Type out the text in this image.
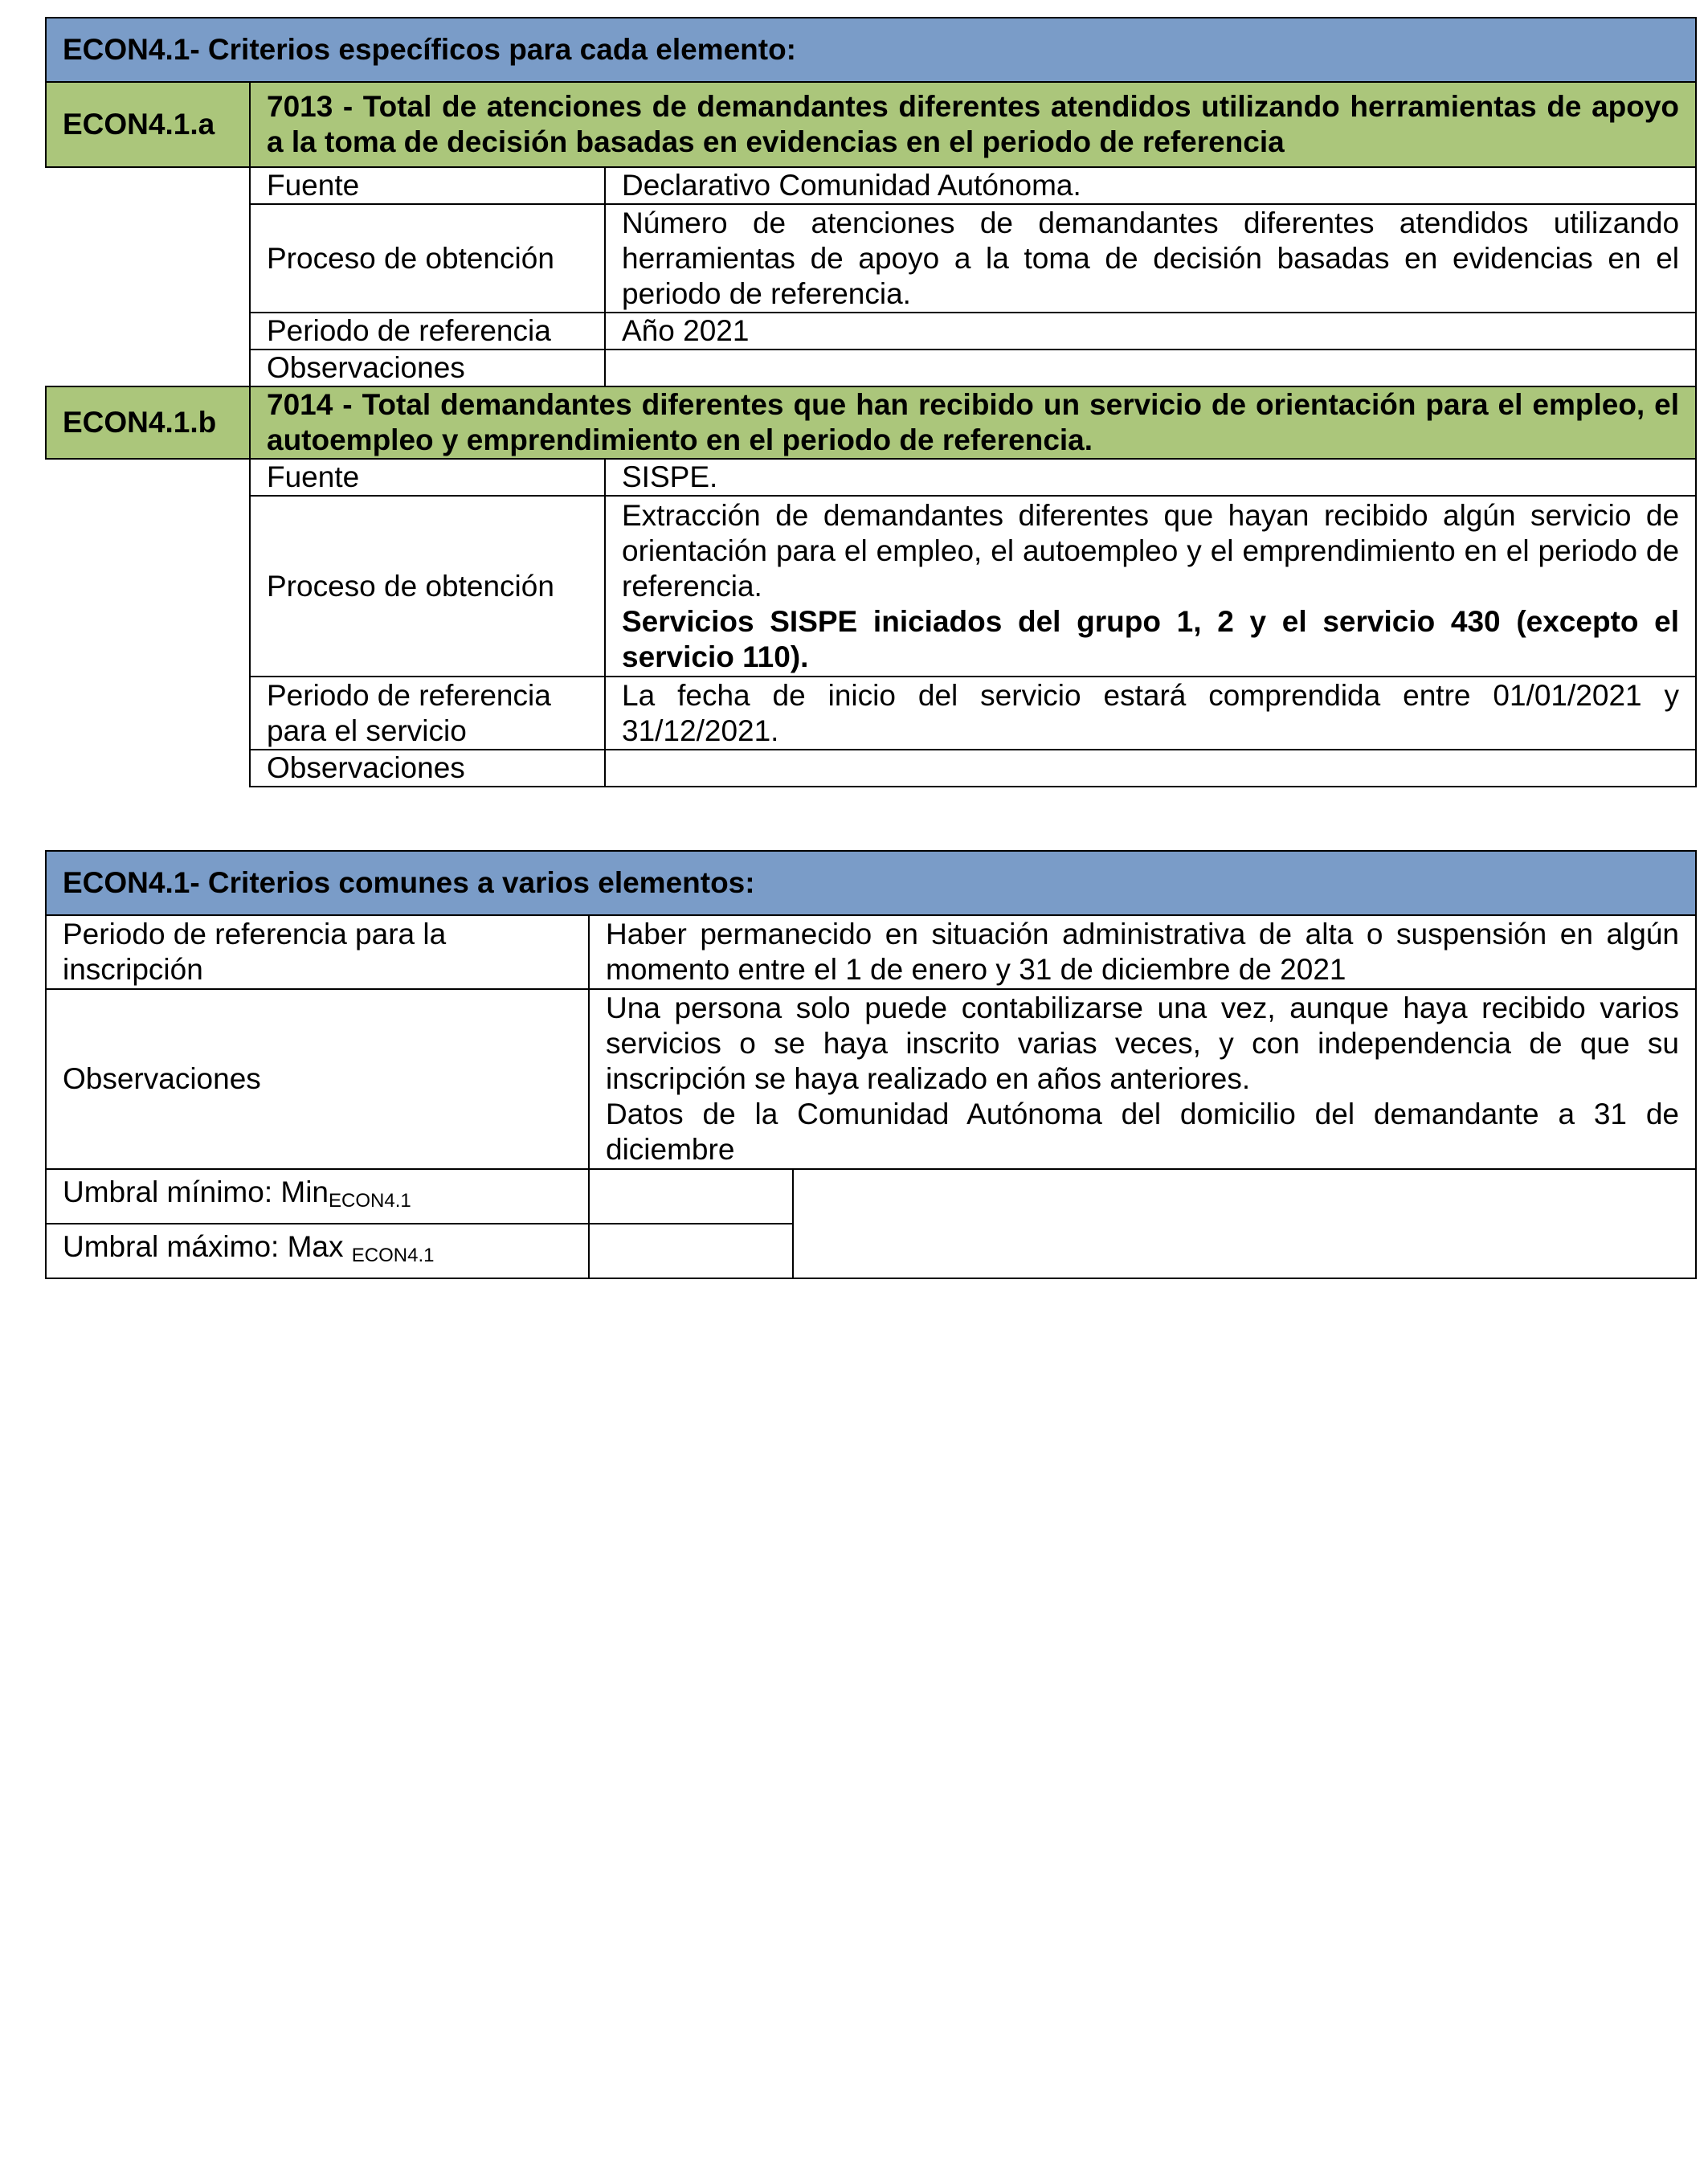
ECON4.1- Criterios específicos para cada elemento:		
ECON4.1.a	7013 - Total de atenciones de demandantes diferentes atendidos utilizando herramientas de apoyo a la toma de decisión basadas en evidencias en el periodo de referencia	
	Fuente	Declarativo Comunidad Autónoma.
	Proceso de obtención	Número de atenciones de demandantes diferentes atendidos utilizando herramientas de apoyo a la toma de decisión basadas en evidencias en el periodo de referencia.
	Periodo de referencia	Año 2021
	Observaciones	
ECON4.1.b	7014 - Total demandantes diferentes que han recibido un servicio de orientación para el empleo, el autoempleo y emprendimiento en el periodo de referencia.	
	Fuente	SISPE.
	Proceso de obtención	Extracción de demandantes diferentes que hayan recibido algún servicio de orientación para el empleo, el autoempleo y el emprendimiento en el periodo de referencia.
Servicios SISPE iniciados del grupo 1, 2 y el servicio 430 (excepto el servicio 110).

	Periodo de referencia para el servicio	La fecha de inicio del servicio estará comprendida entre 01/01/2021 y 31/12/2021.
	Observaciones	
ECON4.1- Criterios comunes a varios elementos:		
Periodo de referencia para la inscripción	Haber permanecido en situación administrativa de alta o suspensión en algún momento entre el 1 de enero y 31 de diciembre de 2021	
Observaciones	Una persona solo puede contabilizarse una vez, aunque haya recibido varios servicios o se haya inscrito varias veces, y con independencia de que su inscripción se haya realizado en años anteriores.
Datos de la Comunidad Autónoma del domicilio del demandante a 31 de diciembre	

Umbral mínimo: Min$_{ECON4.1}$		
Umbral máximo: Max $_{ECON4.1}$	
